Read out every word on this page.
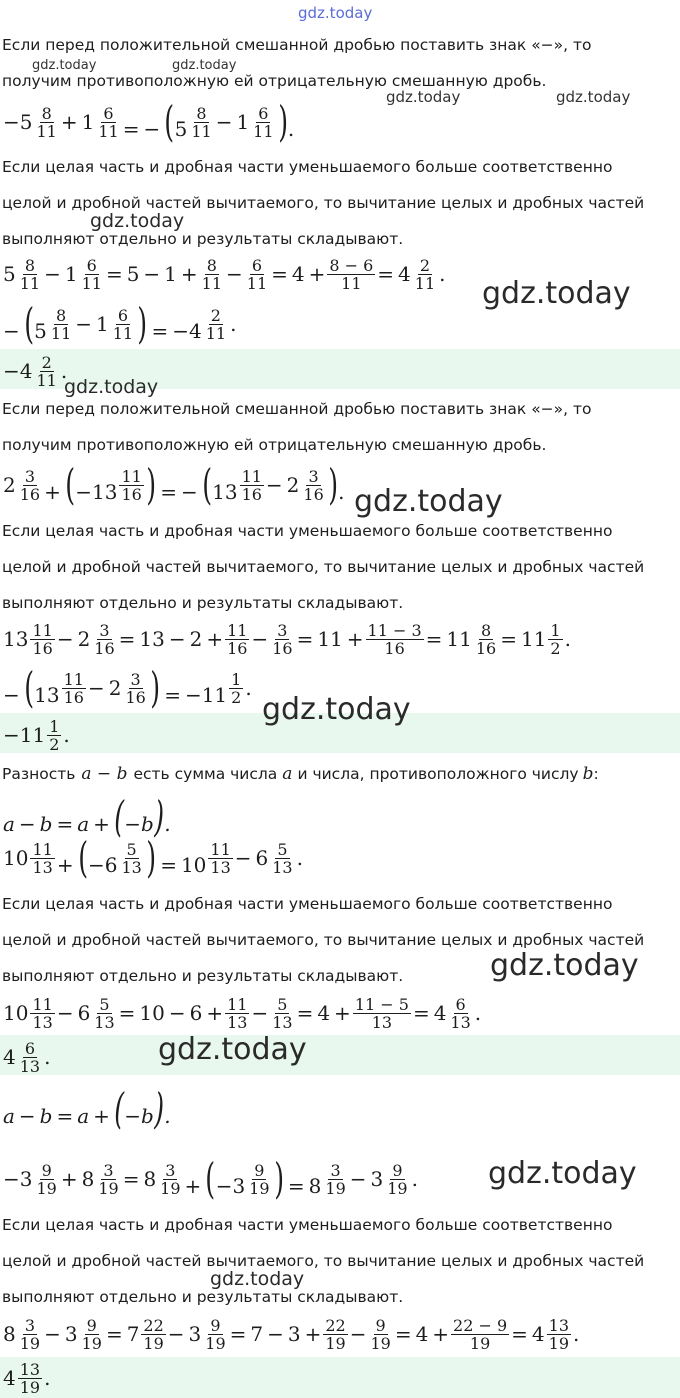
Если перед положительной смешанной дробью поставить знак «−», то
получим противоположную ей отрицательную смешанную дробь.
$-5 \frac{8}{11} + 1 \frac{6}{11}$ = − ($5 \frac{8}{11} - 1 \frac{6}{11}$ ).
Если целая часть и дробная части уменьшаемого больше соответственно
целой и дробной частей вычитаемого, то вычитание целых и дробных частей
выполняют отдельно и результаты складывают.
$5 \frac{8}{11} - 1 \frac{6}{11} = 5 - 1 + \frac{8}{11} - \frac{6}{11} = 4 + \frac{8 - 6}{11} = 4 \frac{2}{11}$ .
− ($5 \frac{8}{11} - 1 \frac{6}{11}$ ) = $-4 \frac{2}{11}$ .
$-4 \frac{2}{11}$ .
Если перед положительной смешанной дробью поставить знак «−», то
получим противоположную ей отрицательную смешанную дробь.
$2 \frac{3}{16} + (-13 \frac{11}{16}$ ) = − ($13 \frac{11}{16} - 2 \frac{3}{16}$ ).
Если целая часть и дробная части уменьшаемого больше соответственно
целой и дробной частей вычитаемого, то вычитание целых и дробных частей
выполняют отдельно и результаты складывают.
$13 \frac{11}{16} - 2 \frac{3}{16} = 13 - 2 + \frac{11}{16} - \frac{3}{16} = 11 + \frac{11 - 3}{16} = 11 \frac{8}{16} = 11 \frac{1}{2}$ .
− ($13 \frac{11}{16} - 2 \frac{3}{16}$ ) = $-11 \frac{1}{2}$ .
$-11 \frac{1}{2}$ .
Разность a − b есть сумма числа a и числа, противоположного числу b :
a − b = a + (−b).
$10 \frac{11}{13} + (-6 \frac{5}{13}$ ) = $10 \frac{11}{13} - 6 \frac{5}{13}$ .
Если целая часть и дробная части уменьшаемого больше соответственно
целой и дробной частей вычитаемого, то вычитание целых и дробных частей
выполняют отдельно и результаты складывают.
$10 \frac{11}{13} - 6 \frac{5}{13} = 10 - 6 + \frac{11}{13} - \frac{5}{13} = 4 + \frac{11 - 5}{13} = 4 \frac{6}{13}$ .
$4 \frac{6}{13}$ .
a − b = a + (−b).
$-3 \frac{9}{19} + 8 \frac{3}{19} = 8 \frac{3}{19} + (-3 \frac{9}{19}$ ) = $8 \frac{3}{19} - 3 \frac{9}{19}$ .
Если целая часть и дробная части уменьшаемого больше соответственно
целой и дробной частей вычитаемого, то вычитание целых и дробных частей
выполняют отдельно и результаты складывают.
$8 \frac{3}{19} - 3 \frac{9}{19} = 7 \frac{22}{19} - 3 \frac{9}{19} = 7 - 3 + \frac{22}{19} - \frac{9}{19} = 4 + \frac{22 - 9}{19} = 4 \frac{13}{19}$ .
$4 \frac{13}{19}$ .
gdz.today
gdz.today	gdz.today
gdz.today	gdz.today
gdz.today
gdz.today
gdz.today
gdz.today
gdz.today
gdz.today
gdz.today
gdz.today
gdz.today
